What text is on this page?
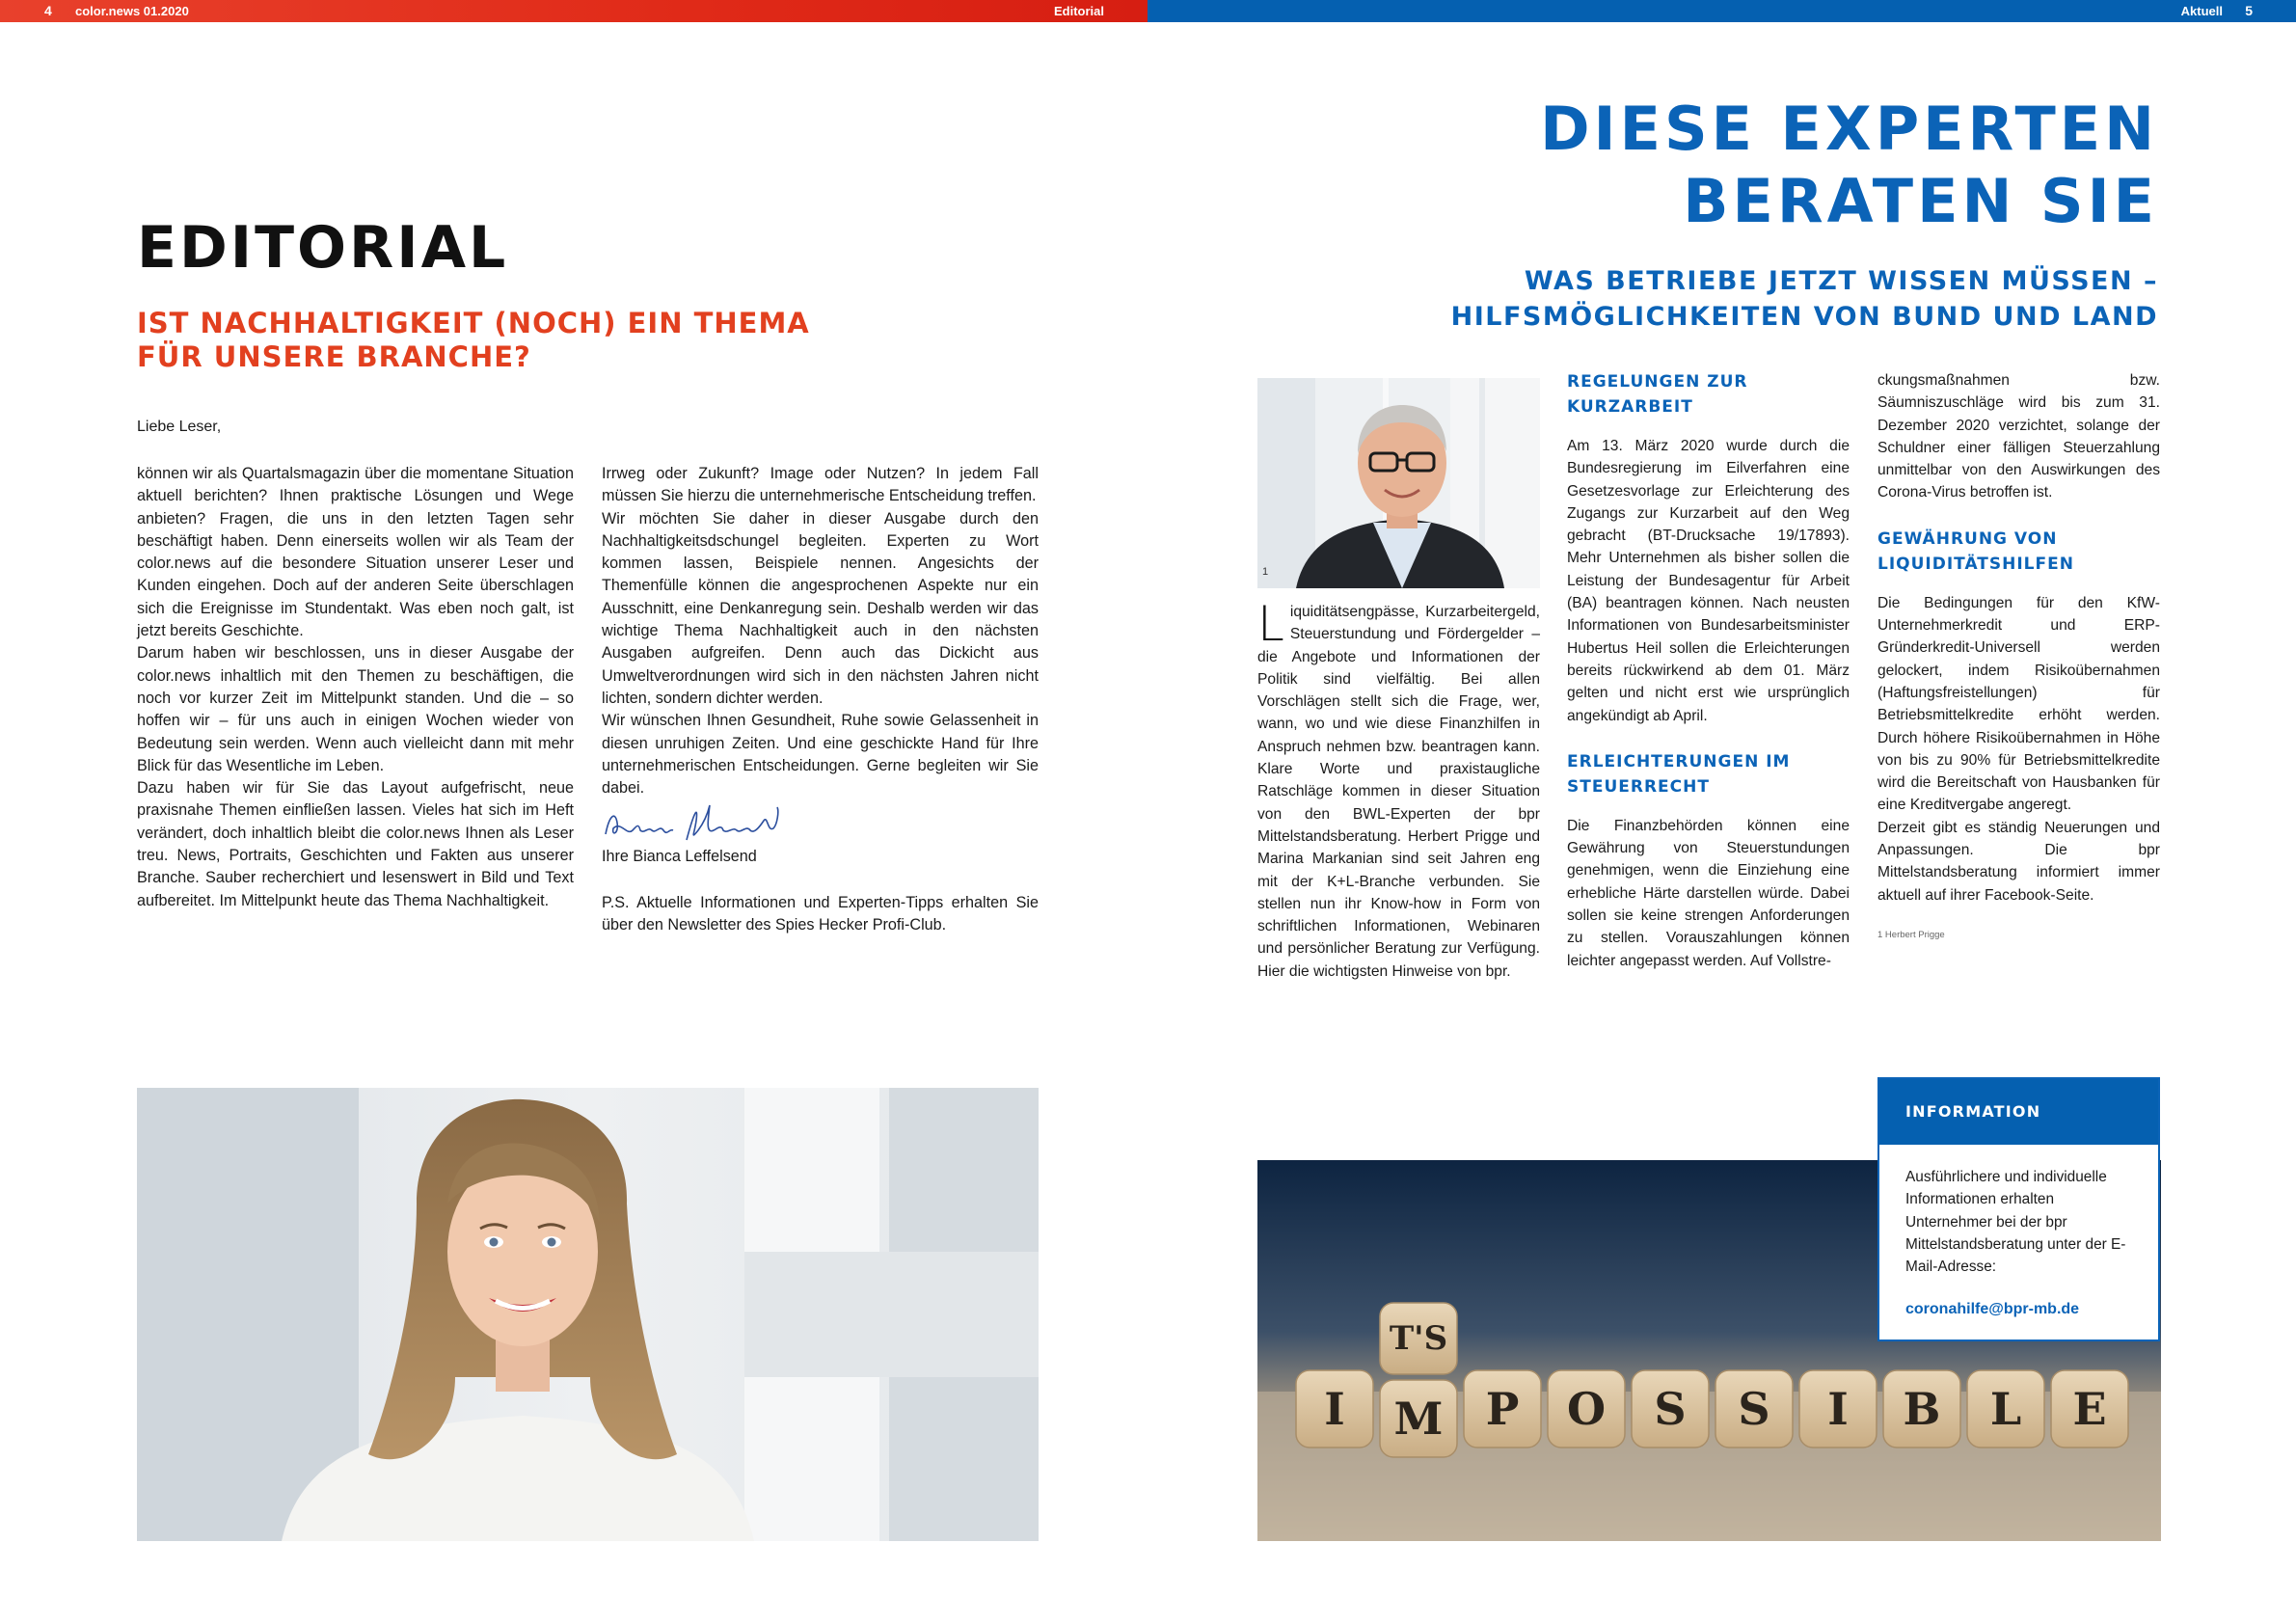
4 color.news 01.2020	Editorial	Aktuell 5
EDITORIAL
IST NACHHALTIGKEIT (NOCH) EIN THEMA
FÜR UNSERE BRANCHE?
Liebe Leser,

können wir als Quartalsmagazin über die momentane Situation aktuell berichten? Ihnen praktische Lösungen und Wege anbieten? Fragen, die uns in den letzten Tagen sehr beschäftigt haben. Denn einerseits wollen wir als Team der color.news auf die besondere Situation unserer Leser und Kunden eingehen. Doch auf der anderen Seite überschlagen sich die Ereignisse im Stundentakt. Was eben noch galt, ist jetzt bereits Geschichte.

Darum haben wir beschlossen, uns in dieser Ausgabe der color.news inhaltlich mit den Themen zu beschäftigen, die noch vor kurzer Zeit im Mittelpunkt standen. Und die – so hoffen wir – für uns auch in einigen Wochen wieder von Bedeutung sein werden. Wenn auch vielleicht dann mit mehr Blick für das Wesentliche im Leben.

Dazu haben wir für Sie das Layout aufgefrischt, neue praxisnahe Themen einfließen lassen. Vieles hat sich im Heft verändert, doch inhaltlich bleibt die color.news Ihnen als Leser treu. News, Portraits, Geschichten und Fakten aus unserer Branche. Sauber recherchiert und lesenswert in Bild und Text aufbereitet. Im Mittelpunkt heute das Thema Nachhaltigkeit.

Irrweg oder Zukunft? Image oder Nutzen? In jedem Fall müssen Sie hierzu die unternehmerische Entscheidung treffen.

Wir möchten Sie daher in dieser Ausgabe durch den Nachhaltigkeitsdschungel begleiten. Experten zu Wort kommen lassen, Beispiele nennen. Angesichts der Themenfülle können die angesprochenen Aspekte nur ein Ausschnitt, eine Denkanregung sein. Deshalb werden wir das wichtige Thema Nachhaltigkeit auch in den nächsten Ausgaben aufgreifen. Denn auch das Dickicht aus Umweltverordnungen wird sich in den nächsten Jahren nicht lichten, sondern dichter werden.

Wir wünschen Ihnen Gesundheit, Ruhe sowie Gelassenheit in diesen unruhigen Zeiten. Und eine geschickte Hand für Ihre unternehmerischen Entscheidungen. Gerne begleiten wir Sie dabei.

Ihre Bianca Leffelsend

P.S. Aktuelle Informationen und Experten-Tipps erhalten Sie über den Newsletter des Spies Hecker Profi-Club.

DIESE EXPERTEN
BERATEN SIE
WAS BETRIEBE JETZT WISSEN MÜSSEN –
HILFSMÖGLICHKEITEN VON BUND UND LAND
1

Liquiditätsengpässe, Kurzarbeitergeld, Steuerstundung und Fördergelder – die Angebote und Informationen der Politik sind vielfältig. Bei allen Vorschlägen stellt sich die Frage, wer, wann, wo und wie diese Finanzhilfen in Anspruch nehmen bzw. beantragen kann. Klare Worte und praxistaugliche Ratschläge kommen in dieser Situation von den BWL-Experten der bpr Mittelstandsberatung. Herbert Prigge und Marina Markanian sind seit Jahren eng mit der K+L-Branche verbunden. Sie stellen nun ihr Know-how in Form von schriftlichen Informationen, Webinaren und persönlicher Beratung zur Verfügung. Hier die wichtigsten Hinweise von bpr.

REGELUNGEN ZUR
KURZARBEIT

Am 13. März 2020 wurde durch die Bundesregierung im Eilverfahren eine Gesetzesvorlage zur Erleichterung des Zugangs zur Kurzarbeit auf den Weg gebracht (BT-Drucksache 19/17893). Mehr Unternehmen als bisher sollen die Leistung der Bundesagentur für Arbeit (BA) beantragen können. Nach neusten Informationen von Bundesarbeitsminister Hubertus Heil sollen die Erleichterungen bereits rückwirkend ab dem 01. März gelten und nicht erst wie ursprünglich angekündigt ab April.

ERLEICHTERUNGEN IM
STEUERRECHT

Die Finanzbehörden können eine Gewährung von Steuerstundungen genehmigen, wenn die Einziehung eine erhebliche Härte darstellen würde. Dabei sollen sie keine strengen Anforderungen zu stellen. Vorauszahlungen können leichter angepasst werden. Auf Vollstre-

ckungsmaßnahmen bzw. Säumniszuschläge wird bis zum 31. Dezember 2020 verzichtet, solange der Schuldner einer fälligen Steuerzahlung unmittelbar von den Auswirkungen des Corona-Virus betroffen ist.

GEWÄHRUNG VON
LIQUIDITÄTSHILFEN

Die Bedingungen für den KfW-Unternehmerkredit und ERP-Gründerkredit-Universell werden gelockert, indem Risikoübernahmen (Haftungsfreistellungen) für Betriebsmittelkredite erhöht werden. Durch höhere Risikoübernahmen in Höhe von bis zu 90% für Betriebsmittelkredite wird die Bereitschaft von Hausbanken für eine Kreditvergabe angeregt.

Derzeit gibt es ständig Neuerungen und Anpassungen. Die bpr Mittelstandsberatung informiert immer aktuell auf ihrer Facebook-Seite.

1 Herbert Prigge
I M P O S S I B L E
T'S
INFORMATION
Ausführlichere und individuelle Informationen erhalten Unternehmer bei der bpr Mittelstandsberatung unter der E-Mail-Adresse:
coronahilfe@bpr-mb.de
